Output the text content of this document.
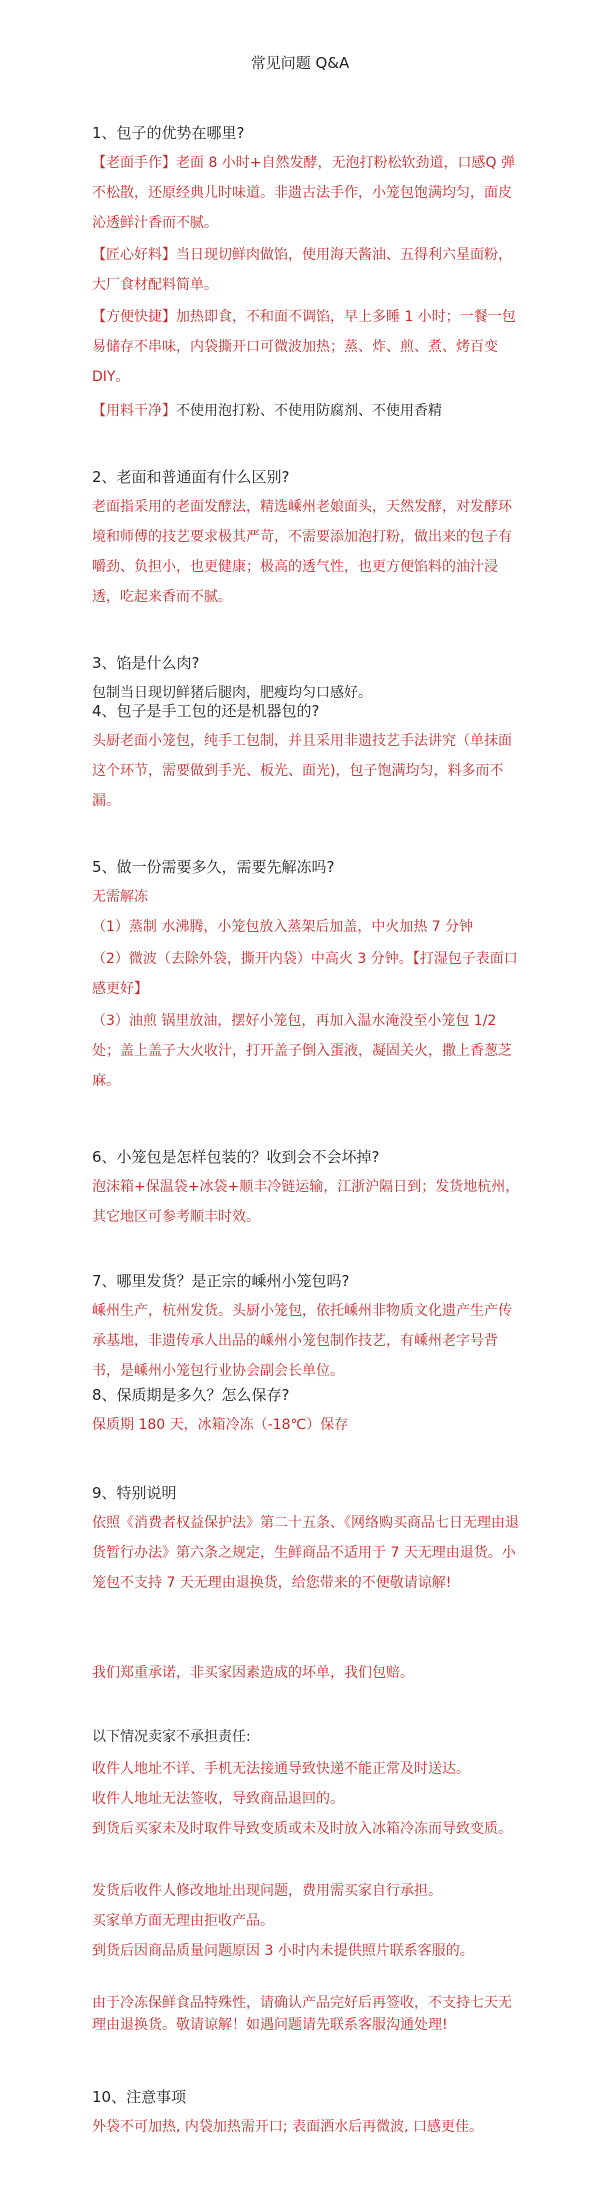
常见问题 Q&A
1、包子的优势在哪里?
【老面手作】老面 8 小时+自然发酵，无泡打粉松软劲道，口感Q 弹不松散，还原经典儿时味道。非遗古法手作，小笼包饱满均匀，面皮沁透鲜汁香而不腻。
【匠心好料】当日现切鲜肉做馅，使用海天酱油、五得利六星面粉，大厂食材配料简单。
【方便快捷】加热即食，不和面不调馅，早上多睡 1 小时；一餐一包易储存不串味，内袋撕开口可微波加热；蒸、炸、煎、煮、烤百变 DIY。
【用料干净】不使用泡打粉、不使用防腐剂、不使用香精
2、老面和普通面有什么区别?
老面指采用的老面发酵法，精选嵊州老娘面头，天然发酵，对发酵环境和师傅的技艺要求极其严苛，不需要添加泡打粉，做出来的包子有嚼劲、负担小，也更健康；极高的透气性，也更方便馅料的油汁浸透，吃起来香而不腻。
3、馅是什么肉?
包制当日现切鲜猪后腿肉，肥瘦均匀口感好。
4、包子是手工包的还是机器包的?
头厨老面小笼包，纯手工包制，并且采用非遗技艺手法讲究（单抹面这个环节，需要做到手光、板光、面光)，包子饱满均匀，料多而不漏。
5、做一份需要多久，需要先解冻吗?
无需解冻
（1）蒸制 水沸腾，小笼包放入蒸架后加盖，中火加热 7 分钟
（2）微波（去除外袋，撕开内袋）中高火 3 分钟。【打湿包子表面口感更好】
（3）油煎 锅里放油，摆好小笼包，再加入温水淹没至小笼包 1/2 处；盖上盖子大火收汁，打开盖子倒入蛋液，凝固关火，撒上香葱芝麻。
6、小笼包是怎样包装的？收到会不会坏掉?
泡沫箱+保温袋+冰袋+顺丰冷链运输，江浙沪隔日到；发货地杭州，其它地区可参考顺丰时效。
7、哪里发货？是正宗的嵊州小笼包吗?
嵊州生产，杭州发货。头厨小笼包，依托嵊州非物质文化遗产生产传承基地，非遗传承人出品的嵊州小笼包制作技艺，有嵊州老字号背书，是嵊州小笼包行业协会副会长单位。
8、保质期是多久？怎么保存?
保质期 180 天，冰箱冷冻（-18℃）保存
9、特别说明
依照《消费者权益保护法》第二十五条、《网络购买商品七日无理由退货暂行办法》第六条之规定，生鲜商品不适用于 7 天无理由退货。小笼包不支持 7 天无理由退换货，给您带来的不便敬请谅解!
我们郑重承诺，非买家因素造成的坏单，我们包赔。
以下情况卖家不承担责任:
收件人地址不详、手机无法接通导致快递不能正常及时送达。
收件人地址无法签收，导致商品退回的。
到货后买家未及时取件导致变质或未及时放入冰箱冷冻而导致变质。
发货后收件人修改地址出现问题，费用需买家自行承担。
买家单方面无理由拒收产品。
到货后因商品质量问题原因 3 小时内未提供照片联系客服的。
由于冷冻保鲜食品特殊性，请确认产品完好后再签收，不支持七天无理由退换货。敬请谅解！如遇问题请先联系客服沟通处理!
10、注意事项
外袋不可加热, 内袋加热需开口; 表面洒水后再微波, 口感更佳。
